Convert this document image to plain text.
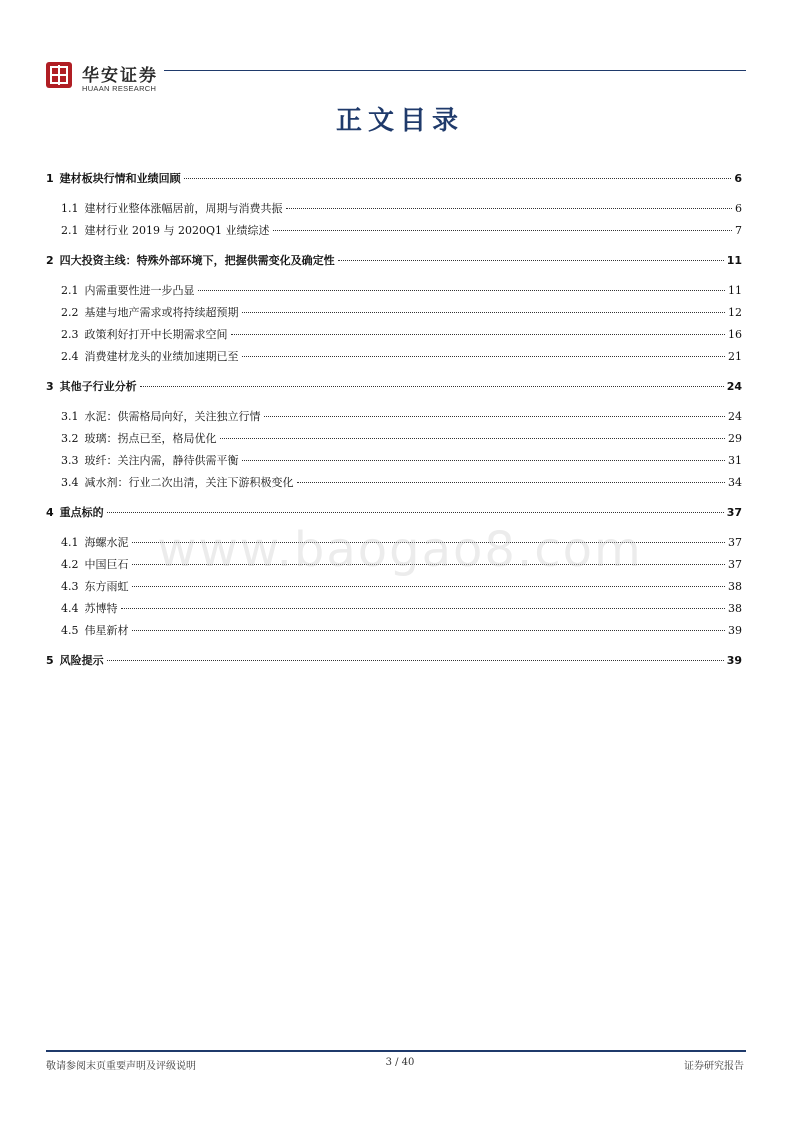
华安证券
HUAAN RESEARCH
正文目录
1 建材板块行情和业绩回顾	6
1.1 建材行业整体涨幅居前，周期与消费共振	6
2.1 建材行业 2019 与 2020Q1 业绩综述	7
2 四大投资主线：特殊外部环境下，把握供需变化及确定性	11
2.1 内需重要性进一步凸显	11
2.2 基建与地产需求或将持续超预期	12
2.3 政策利好打开中长期需求空间	16
2.4 消费建材龙头的业绩加速期已至	21
3 其他子行业分析	24
3.1 水泥：供需格局向好，关注独立行情	24
3.2 玻璃：拐点已至，格局优化	29
3.3 玻纤：关注内需，静待供需平衡	31
3.4 减水剂：行业二次出清，关注下游积极变化	34
4 重点标的	37
4.1 海螺水泥	37
4.2 中国巨石	37
4.3 东方雨虹	38
4.4 苏博特	38
4.5 伟星新材	39
5 风险提示	39
www.baogao8.com
敬请参阅末页重要声明及评级说明	3 / 40	证券研究报告
